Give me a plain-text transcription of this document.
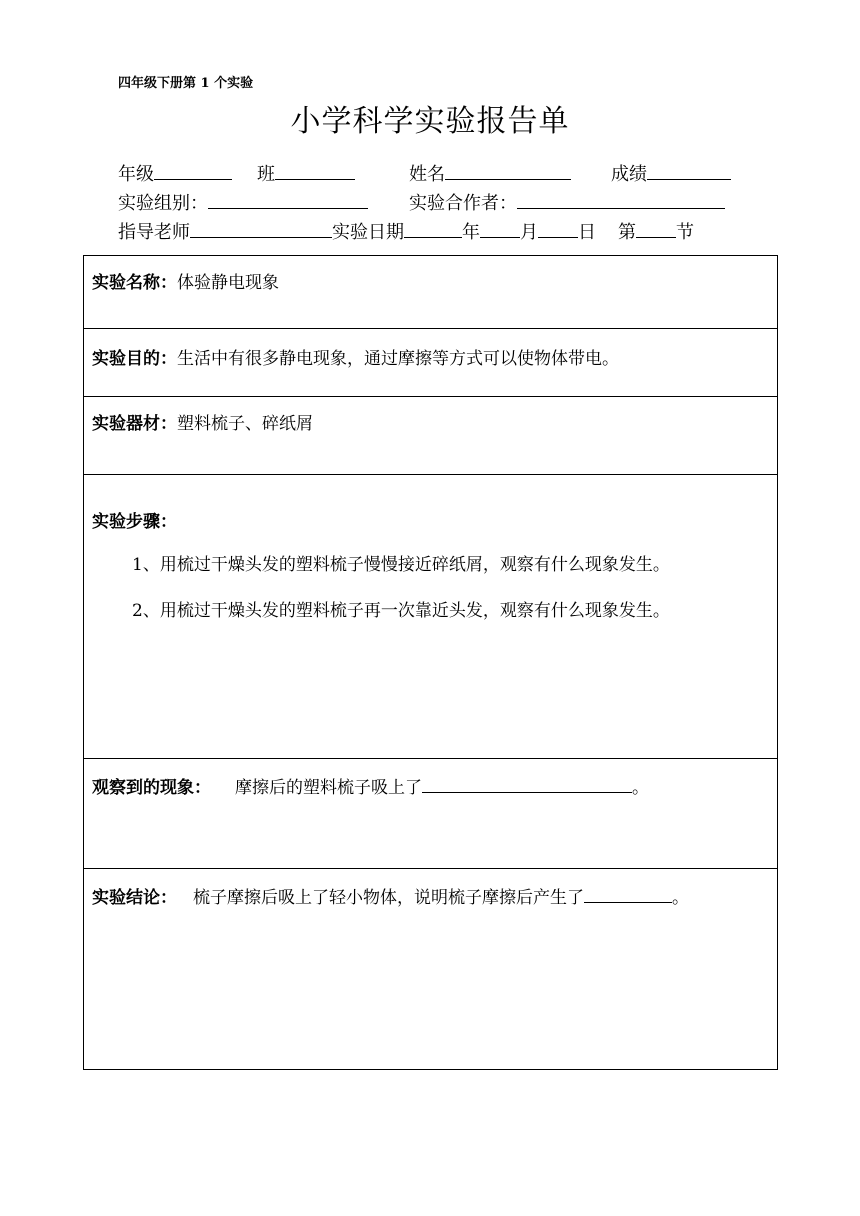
四年级下册第 1 个实验
小学科学实验报告单
年级	班	姓名	成绩
实验组别：	实验合作者：
指导老师	实验日期	年 月 日 第 节
实验名称：体验静电现象
实验目的：生活中有很多静电现象，通过摩擦等方式可以使物体带电。
实验器材：塑料梳子、碎纸屑
实验步骤：
1、用梳过干燥头发的塑料梳子慢慢接近碎纸屑，观察有什么现象发生。
2、用梳过干燥头发的塑料梳子再一次靠近头发，观察有什么现象发生。
观察到的现象： 摩擦后的塑料梳子吸上了	。
实验结论： 梳子摩擦后吸上了轻小物体，说明梳子摩擦后产生了	。
